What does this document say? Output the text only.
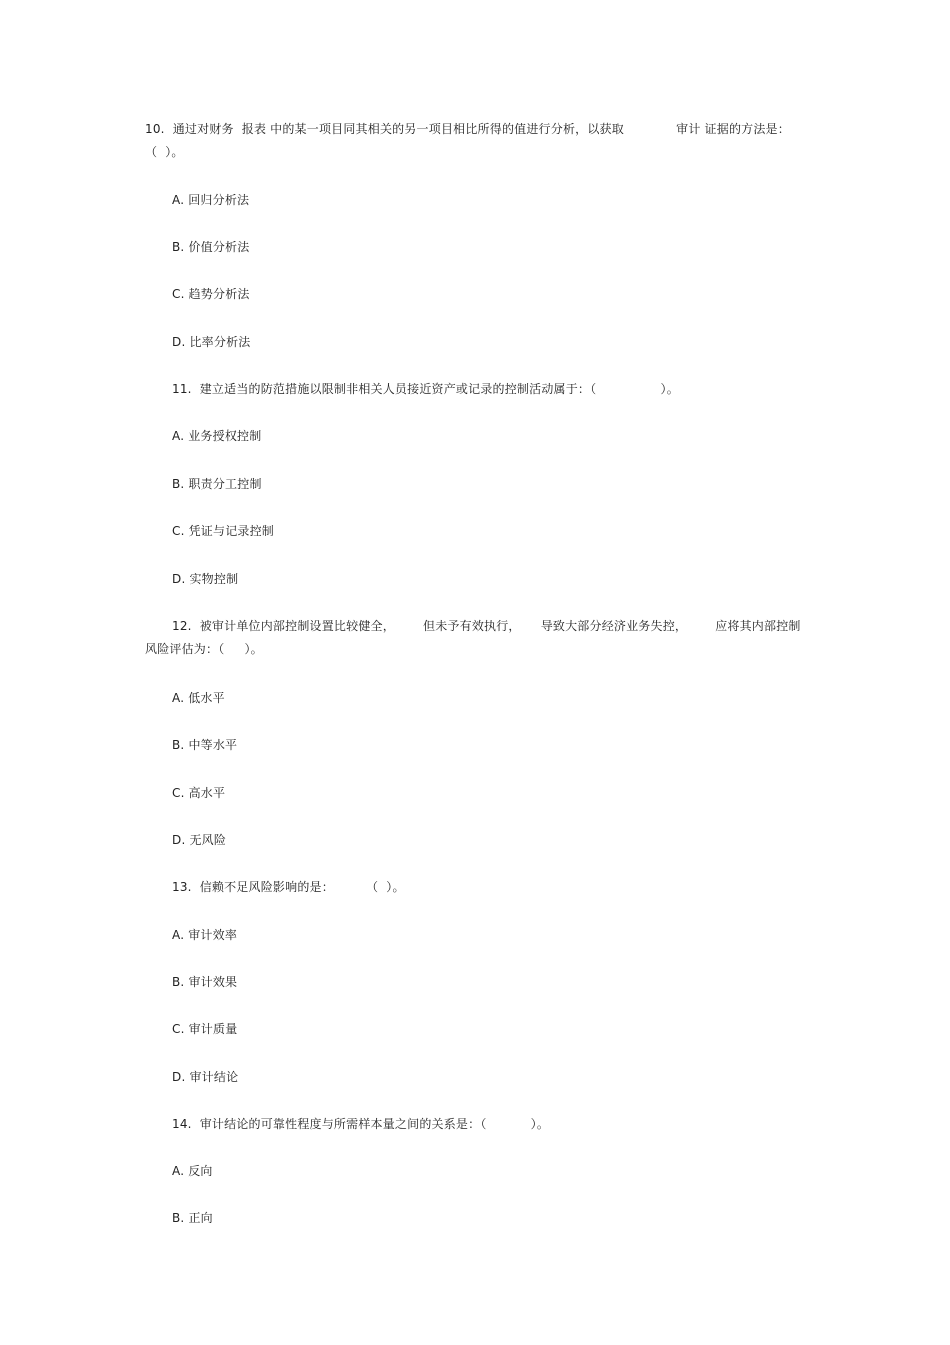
10.  通过对财务  报表 中的某一项目同其相关的另一项目相比所得的值进行分析，以获取             审计 证据的方法是：
（  ）。
A. 回归分析法
B. 价值分析法
C. 趋势分析法
D. 比率分析法
11.  建立适当的防范措施以限制非相关人员接近资产或记录的控制活动属于：（                ）。
A. 业务授权控制
B. 职责分工控制
C. 凭证与记录控制
D. 实物控制
12.  被审计单位内部控制设置比较健全，       但未予有效执行，     导致大部分经济业务失控，       应将其内部控制
风险评估为：（     ）。
A. 低水平
B. 中等水平
C. 高水平
D. 无风险
13.  信赖不足风险影响的是：        （  ）。
A. 审计效率
B. 审计效果
C. 审计质量
D. 审计结论
14.  审计结论的可靠性程度与所需样本量之间的关系是：（           ）。
A. 反向
B. 正向
